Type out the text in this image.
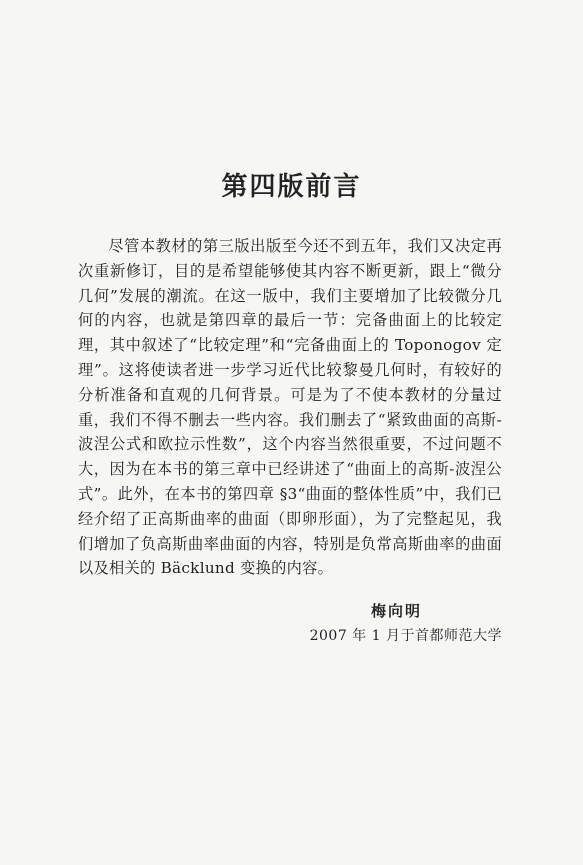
第四版前言
尽管本教材的第三版出版至今还不到五年，我们又决定再次重新修订，目的是希望能够使其内容不断更新，跟上“微分几何”发展的潮流。在这一版中，我们主要增加了比较微分几何的内容，也就是第四章的最后一节：完备曲面上的比较定理，其中叙述了“比较定理”和“完备曲面上的 Toponogov 定理”。这将使读者进一步学习近代比较黎曼几何时，有较好的分析准备和直观的几何背景。可是为了不使本教材的分量过重，我们不得不删去一些内容。我们删去了“紧致曲面的高斯-波涅公式和欧拉示性数”，这个内容当然很重要，不过问题不大，因为在本书的第三章中已经讲述了“曲面上的高斯-波涅公式”。此外，在本书的第四章 §3“曲面的整体性质”中，我们已经介绍了正高斯曲率的曲面（即卵形面），为了完整起见，我们增加了负高斯曲率曲面的内容，特别是负常高斯曲率的曲面以及相关的 Bäcklund 变换的内容。
梅向明
2007 年 1 月于首都师范大学
